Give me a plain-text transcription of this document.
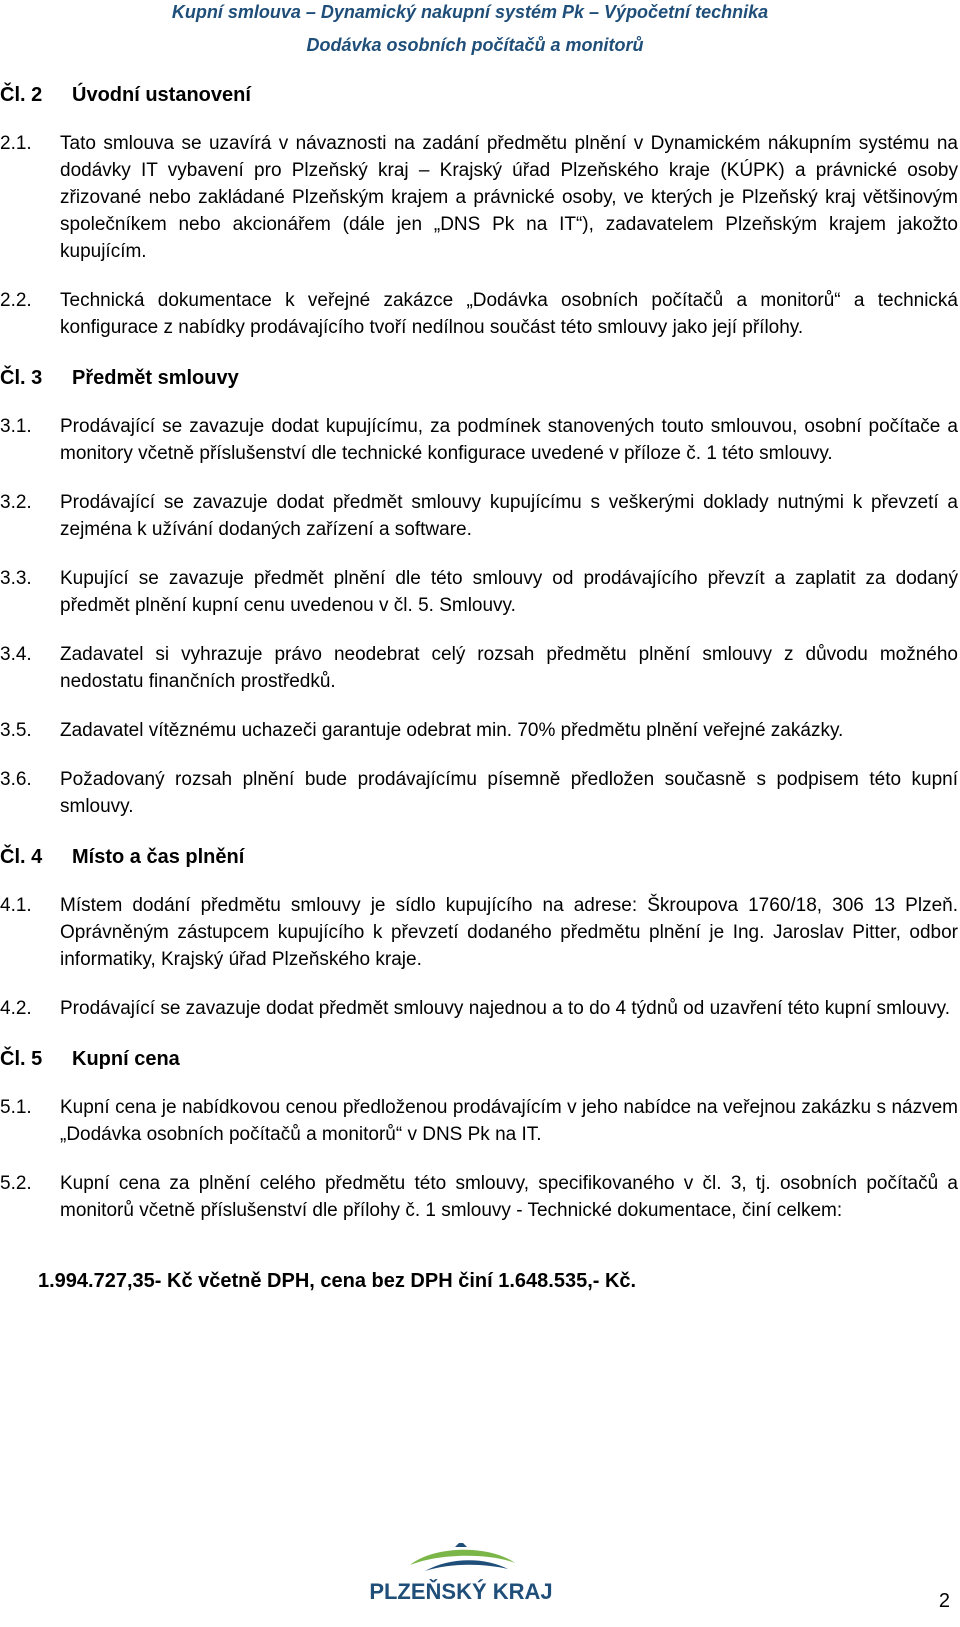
Kupní smlouva – Dynamický nakupní systém Pk – Výpočetní technika
Dodávka osobních počítačů a monitorů
Čl. 2	Úvodní ustanovení
2.1.	Tato smlouva se uzavírá v návaznosti na zadání předmětu plnění v Dynamickém nákupním systému na dodávky IT vybavení pro Plzeňský kraj – Krajský úřad Plzeňského kraje (KÚPK) a právnické osoby zřizované nebo zakládané Plzeňským krajem a právnické osoby, ve kterých je Plzeňský kraj většinovým společníkem nebo akcionářem (dále jen „DNS Pk na IT“), zadavatelem Plzeňským krajem jakožto kupujícím.
2.2.	Technická dokumentace k veřejné zakázce „Dodávka osobních počítačů a monitorů“ a technická konfigurace z nabídky prodávajícího tvoří nedílnou součást této smlouvy jako její přílohy.
Čl. 3	Předmět smlouvy
3.1.	Prodávající se zavazuje dodat kupujícímu, za podmínek stanovených touto smlouvou, osobní počítače a monitory včetně příslušenství dle technické konfigurace uvedené v příloze č. 1 této smlouvy.
3.2.	Prodávající se zavazuje dodat předmět smlouvy kupujícímu s veškerými doklady nutnými k převzetí a zejména k užívání dodaných zařízení a software.
3.3.	Kupující se zavazuje předmět plnění dle této smlouvy od prodávajícího převzít a zaplatit za dodaný předmět plnění kupní cenu uvedenou v čl. 5. Smlouvy.
3.4.	Zadavatel si vyhrazuje právo neodebrat celý rozsah předmětu plnění smlouvy z důvodu možného nedostatu finančních prostředků.
3.5.	Zadavatel vítěznému uchazeči garantuje odebrat min. 70% předmětu plnění veřejné zakázky.
3.6.	Požadovaný rozsah plnění bude prodávajícímu písemně předložen současně s podpisem této kupní smlouvy.
Čl. 4	Místo a čas plnění
4.1.	Místem dodání předmětu smlouvy je sídlo kupujícího na adrese: Škroupova 1760/18, 306 13 Plzeň. Oprávněným zástupcem kupujícího k převzetí dodaného předmětu plnění je Ing. Jaroslav Pitter, odbor informatiky, Krajský úřad Plzeňského kraje.
4.2.	Prodávající se zavazuje dodat předmět smlouvy najednou a to do 4 týdnů od uzavření této kupní smlouvy.
Čl. 5	Kupní cena
5.1.	Kupní cena je nabídkovou cenou předloženou prodávajícím v jeho nabídce na veřejnou zakázku s názvem „Dodávka osobních počítačů a monitorů“ v DNS Pk na IT.
5.2.	Kupní cena za plnění celého předmětu této smlouvy, specifikovaného v čl. 3, tj. osobních počítačů a monitorů včetně příslušenství dle přílohy č. 1 smlouvy - Technické dokumentace, činí celkem:
1.994.727,35- Kč včetně DPH, cena bez DPH činí 1.648.535,- Kč.
PLZEŇSKÝ KRAJ	2
